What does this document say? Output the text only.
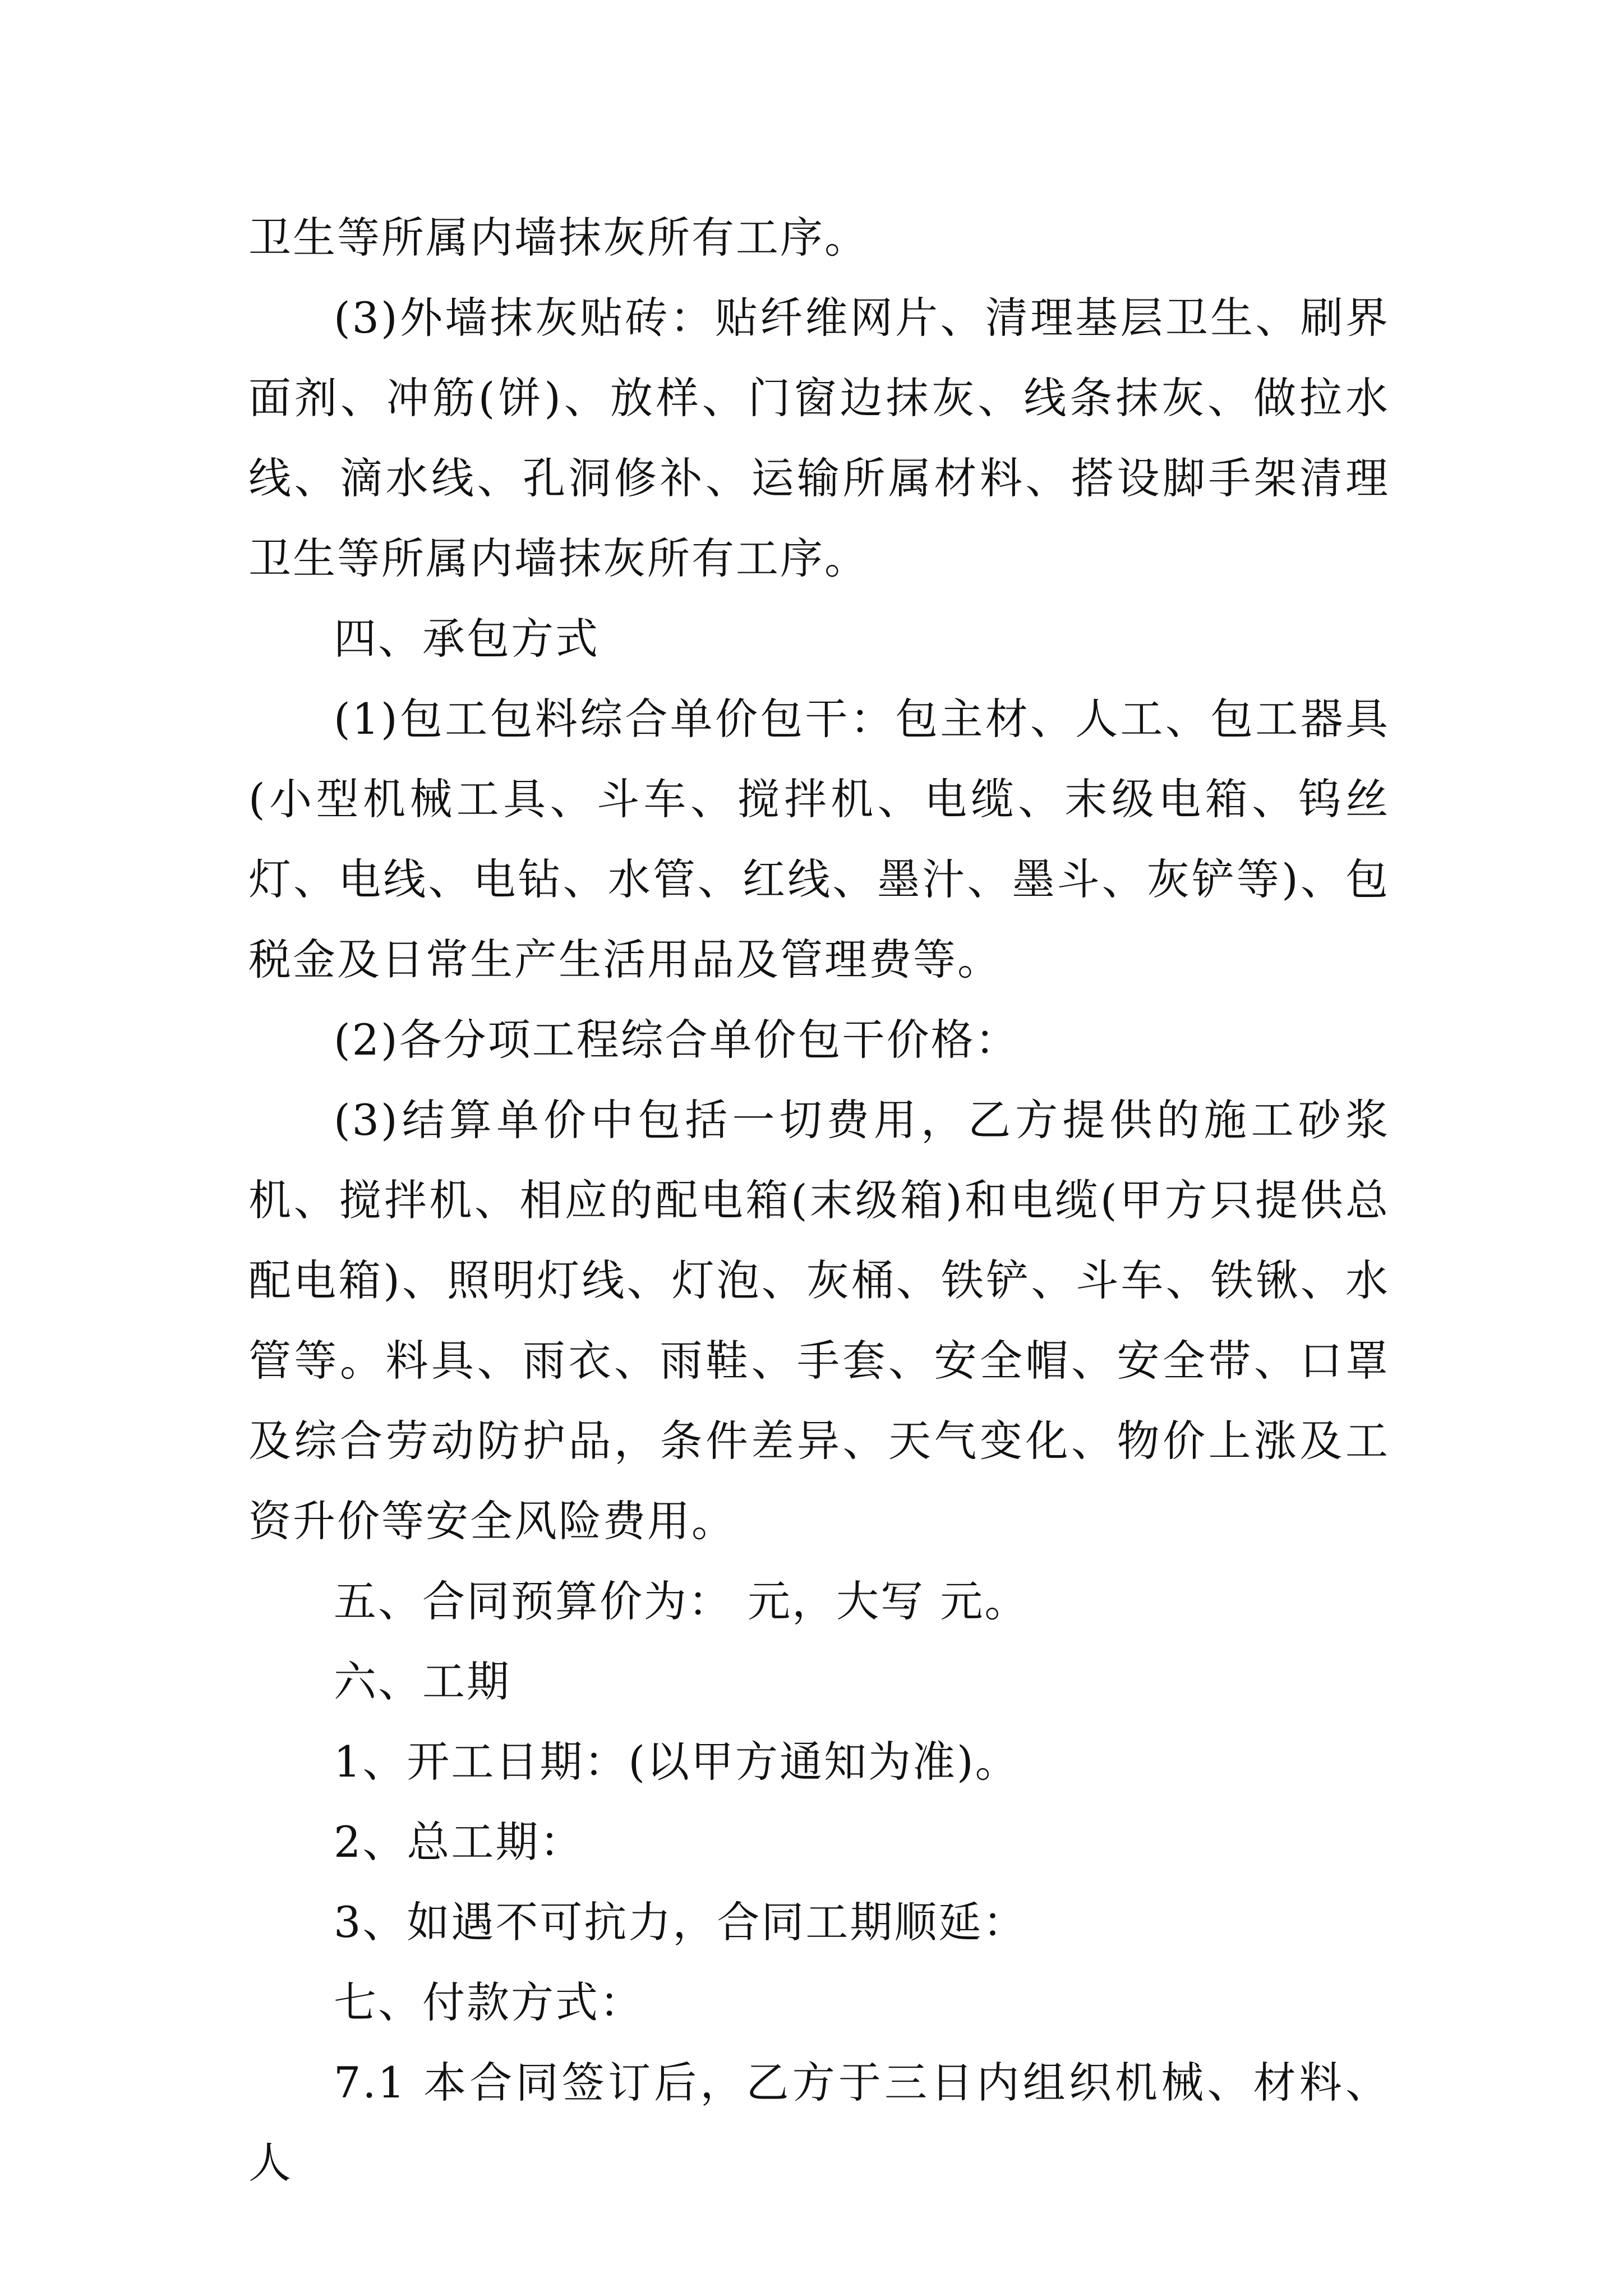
卫生等所属内墙抹灰所有工序。

(3)外墙抹灰贴砖：贴纤维网片、清理基层卫生、刷界面剂、冲筋(饼)、放样、门窗边抹灰、线条抹灰、做拉水线、滴水线、孔洞修补、运输所属材料、搭设脚手架清理卫生等所属内墙抹灰所有工序。

四、承包方式

(1)包工包料综合单价包干：包主材、人工、包工器具(小型机械工具、斗车、搅拌机、电缆、末级电箱、钨丝灯、电线、电钻、水管、红线、墨汁、墨斗、灰铲等)、包税金及日常生产生活用品及管理费等。

(2)各分项工程综合单价包干价格：

(3)结算单价中包括一切费用，乙方提供的施工砂浆机、搅拌机、相应的配电箱(末级箱)和电缆(甲方只提供总配电箱)、照明灯线、灯泡、灰桶、铁铲、斗车、铁锹、水管等。料具、雨衣、雨鞋、手套、安全帽、安全带、口罩及综合劳动防护品，条件差异、天气变化、物价上涨及工资升价等安全风险费用。

五、合同预算价为： 元，大写 元。

六、工期

1、开工日期：(以甲方通知为准)。

2、总工期：

3、如遇不可抗力，合同工期顺延：

七、付款方式：

7.1 本合同签订后，乙方于三日内组织机械、材料、人
